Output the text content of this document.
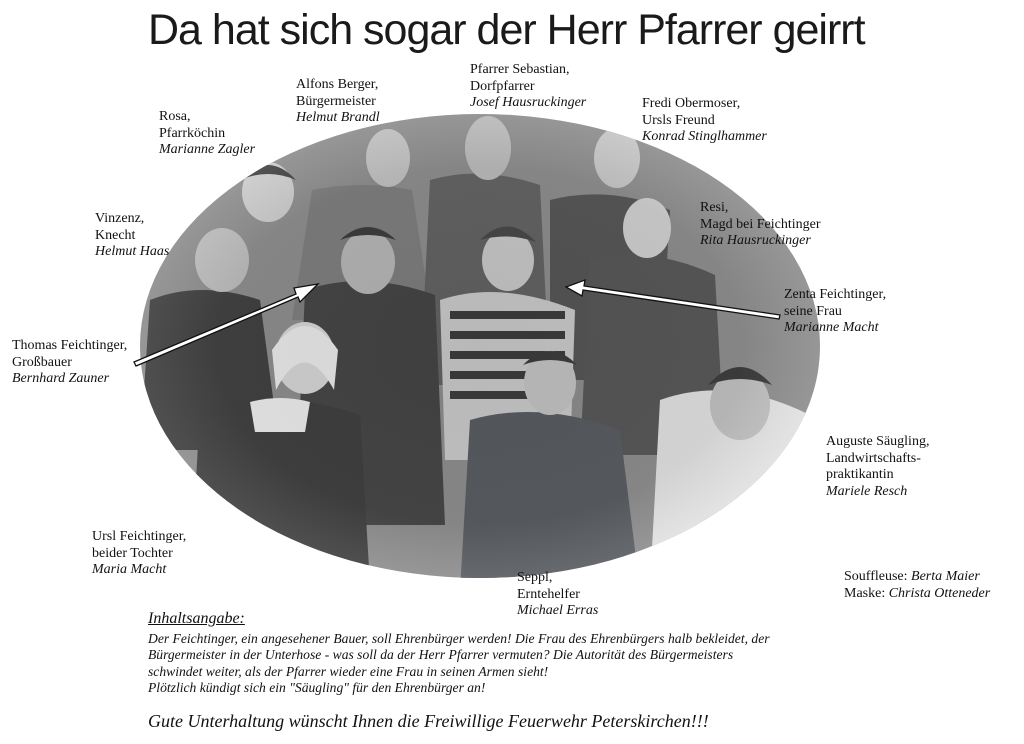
Da hat sich sogar der Herr Pfarrer geirrt
Alfons Berger,
Bürgermeister
Helmut Brandl
Pfarrer Sebastian,
Dorfpfarrer
Josef Hausruckinger
Rosa,
Pfarrköchin
Marianne Zagler
Fredi Obermoser,
Ursls Freund
Konrad Stinglhammer
Vinzenz,
Knecht
Helmut Haas
Resi,
Magd bei Feichtinger
Rita Hausruckinger
Zenta Feichtinger,
seine Frau
Marianne Macht
Thomas Feichtinger,
Großbauer
Bernhard Zauner
Auguste Säugling,
Landwirtschafts-
praktikantin
Mariele Resch
Ursl Feichtinger,
beider Tochter
Maria Macht
Seppl,
Erntehelfer
Michael Erras
Souffleuse: Berta Maier
Maske: Christa Otteneder
Inhaltsangabe:
Der Feichtinger, ein angesehener Bauer, soll Ehrenbürger werden! Die Frau des Ehrenbürgers halb bekleidet, der
Bürgermeister in der Unterhose - was soll da der Herr Pfarrer vermuten? Die Autorität des Bürgermeisters
schwindet weiter, als der Pfarrer wieder eine Frau in seinen Armen sieht!
Plötzlich kündigt sich ein "Säugling" für den Ehrenbürger an!
Gute Unterhaltung wünscht Ihnen die Freiwillige Feuerwehr Peterskirchen!!!
